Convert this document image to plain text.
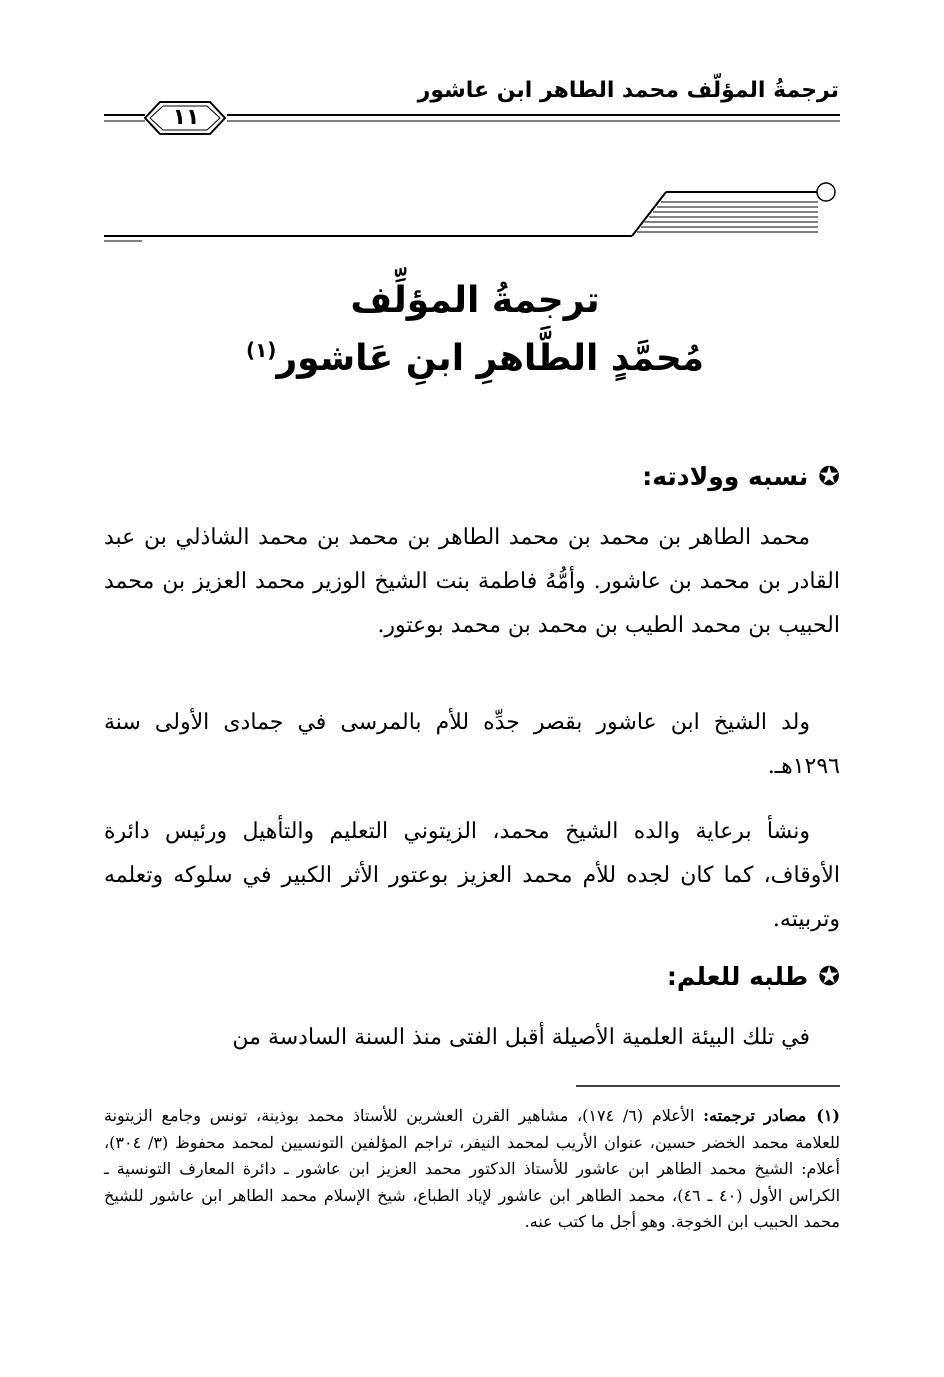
ترجمةُ المؤلّف محمد الطاهر ابن عاشور
١١
ترجمةُ المؤلِّف
مُحمَّدٍ الطَّاهرِ ابنِ عَاشور$^{(١)}$
✪نسبه وولادته:
محمد الطاهر بن محمد بن محمد الطاهر بن محمد بن محمد الشاذلي بن عبد القادر بن محمد بن عاشور. وأمُّهُ فاطمة بنت الشيخ الوزير محمد العزيز بن محمد الحبيب بن محمد الطيب بن محمد بن محمد بوعتور.
ولد الشيخ ابن عاشور بقصر جدِّه للأم بالمرسى في جمادى الأولى سنة ١٢٩٦هـ.
ونشأ برعاية والده الشيخ محمد، الزيتوني التعليم والتأهيل ورئيس دائرة الأوقاف، كما كان لجده للأم محمد العزيز بوعتور الأثر الكبير في سلوكه وتعلمه وتربيته.
✪طلبه للعلم:
في تلك البيئة العلمية الأصيلة أقبل الفتى منذ السنة السادسة من
(١)مصادر ترجمته: الأعلام (٦/ ١٧٤)، مشاهير القرن العشرين للأستاذ محمد بوذينة، تونس وجامع الزيتونة للعلامة محمد الخضر حسين، عنوان الأريب لمحمد النيفر، تراجم المؤلفين التونسيين لمحمد محفوظ (٣/ ٣٠٤)، أعلام: الشيخ محمد الطاهر ابن عاشور للأستاذ الدكتور محمد العزيز ابن عاشور ـ دائرة المعارف التونسية ـ الكراس الأول (٤٠ ـ ٤٦)، محمد الطاهر ابن عاشور لإياد الطباع، شيخ الإسلام محمد الطاهر ابن عاشور للشيخ محمد الحبيب ابن الخوجة. وهو أجل ما كتب عنه.
